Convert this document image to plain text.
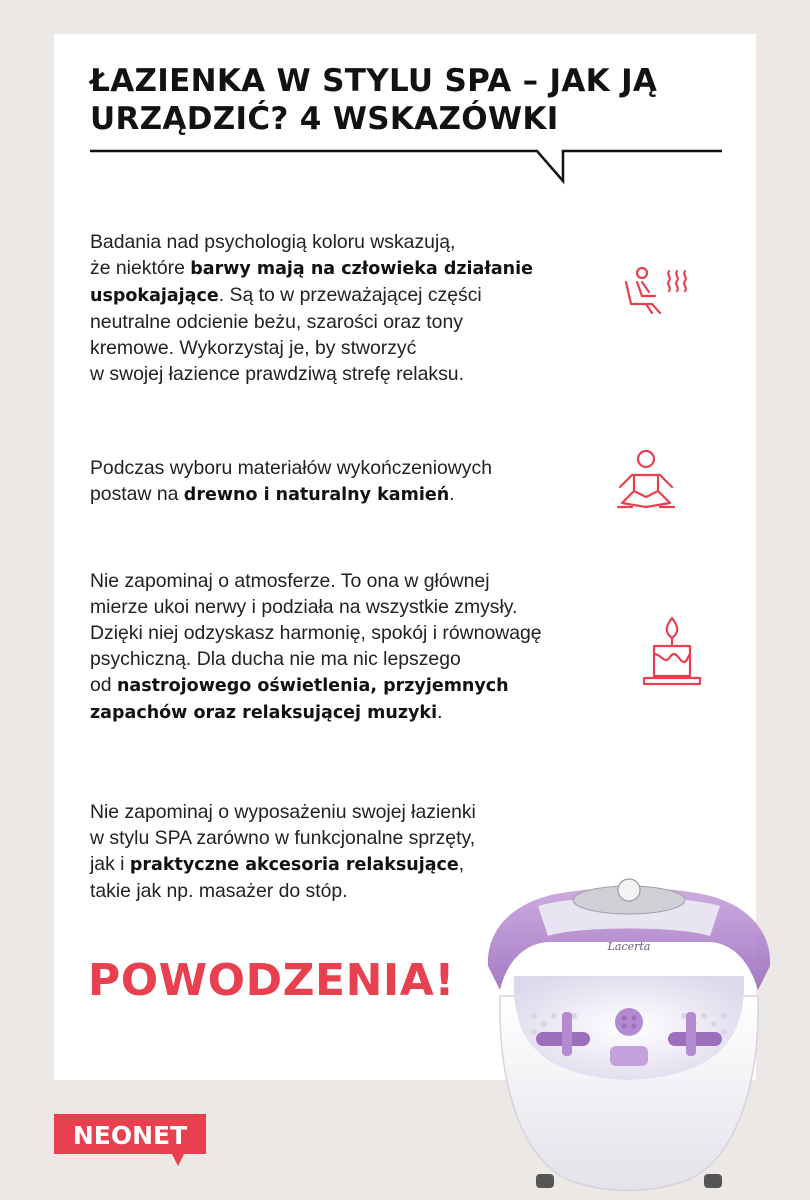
ŁAZIENKA W STYLU SPA – JAK JĄ
URZĄDZIĆ? 4 WSKAZÓWKI

Badania nad psychologią koloru wskazują,
że niektóre barwy mają na człowieka działanie
uspokajające. Są to w przeważającej części
neutralne odcienie beżu, szarości oraz tony
kremowe. Wykorzystaj je, by stworzyć
w swojej łazience prawdziwą strefę relaksu.

Podczas wyboru materiałów wykończeniowych
postaw na drewno i naturalny kamień.

Nie zapominaj o atmosferze. To ona w głównej
mierze ukoi nerwy i podziała na wszystkie zmysły.
Dzięki niej odzyskasz harmonię, spokój i równowagę
psychiczną. Dla ducha nie ma nic lepszego
od nastrojowego oświetlenia, przyjemnych
zapachów oraz relaksującej muzyki.

Nie zapominaj o wyposażeniu swojej łazienki
w stylu SPA zarówno w funkcjonalne sprzęty,
jak i praktyczne akcesoria relaksujące,
takie jak np. masażer do stóp.

POWODZENIA!
NEONET
Lacerta
